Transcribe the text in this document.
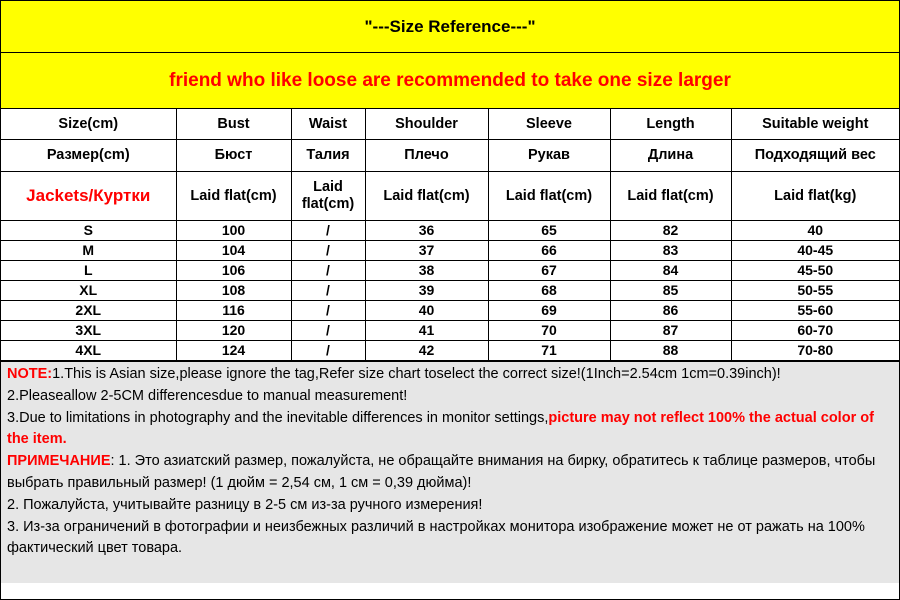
"---Size Reference---"
friend who like loose are recommended to take one size larger
Size(cm)	Bust	Waist	Shoulder	Sleeve	Length	Suitable weight
Размер(cm)	Бюст	Талия	Плечо	Рукав	Длина	Подходящий вес
Jackets/Куртки	Laid flat(cm)	Laid flat(cm)	Laid flat(cm)	Laid flat(cm)	Laid flat(cm)	Laid flat(kg)
S	100	/	36	65	82	40
M	104	/	37	66	83	40-45
L	106	/	38	67	84	45-50
XL	108	/	39	68	85	50-55
2XL	116	/	40	69	86	55-60
3XL	120	/	41	70	87	60-70
4XL	124	/	42	71	88	70-80

NOTE:1.This is Asian size,please ignore the tag,Refer size chart toselect the correct size!(1Inch=2.54cm 1cm=0.39inch)!

2.Pleaseallow 2-5CM differencesdue to manual measurement!

3.Due to limitations in photography and the inevitable differences in monitor settings,picture may not reflect 100% the actual color of the item.

ПРИМЕЧАНИЕ: 1. Это азиатский размер, пожалуйста, не обращайте внимания на бирку, обратитесь к таблице размеров, чтобы выбрать правильный размер! (1 дюйм = 2,54 см, 1 см = 0,39 дюйма)!

2. Пожалуйста, учитывайте разницу в 2-5 см из-за ручного измерения!

3. Из-за ограничений в фотографии и неизбежных различий в настройках монитора изображение может не от ражать на 100% фактический цвет товара.
